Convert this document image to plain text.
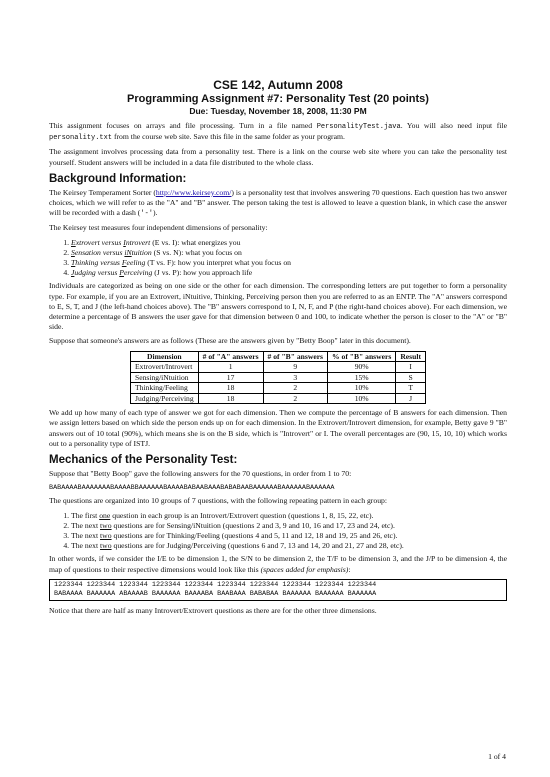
CSE 142, Autumn 2008
Programming Assignment #7: Personality Test (20 points)
Due: Tuesday, November 18, 2008, 11:30 PM

This assignment focuses on arrays and file processing. Turn in a file named PersonalityTest.java. You will also need input file personality.txt from the course web site. Save this file in the same folder as your program.

The assignment involves processing data from a personality test. There is a link on the course web site where you can take the personality test yourself. Student answers will be included in a data file distributed to the whole class.

Background Information:

The Keirsey Temperament Sorter (http://www.keirsey.com/) is a personality test that involves answering 70 questions. Each question has two answer choices, which we will refer to as the "A" and "B" answer. The person taking the test is allowed to leave a question blank, in which case the answer will be recorded with a dash ('-').

The Keirsey test measures four independent dimensions of personality:

1. Extrovert versus Introvert (E vs. I): what energizes you
2. Sensation versus iNtuition (S vs. N): what you focus on
3. Thinking versus Feeling (T vs. F): how you interpret what you focus on
4. Judging versus Perceiving (J vs. P): how you approach life

Individuals are categorized as being on one side or the other for each dimension. The corresponding letters are put together to form a personality type. For example, if you are an Extrovert, iNtuitive, Thinking, Perceiving person then you are referred to as an ENTP. The "A" answers correspond to E, S, T, and J (the left-hand choices above). The "B" answers correspond to I, N, F, and P (the right-hand choices above). For each dimension, we determine a percentage of B answers the user gave for that dimension between 0 and 100, to indicate whether the person is closer to the "A" or "B" side.

Suppose that someone's answers are as follows (These are the answers given by "Betty Boop" later in this document).

Dimension	# of "A" answers	# of "B" answers	% of "B" answers	Result
Extrovert/Introvert	1	9	90%	I
Sensing/iNtuition	17	3	15%	S
Thinking/Feeling	18	2	10%	T
Judging/Perceiving	18	2	10%	J

We add up how many of each type of answer we got for each dimension. Then we compute the percentage of B answers for each dimension. Then we assign letters based on which side the person ends up on for each dimension. In the Extrovert/Introvert dimension, for example, Betty gave 9 "B" answers out of 10 total (90%), which means she is on the B side, which is "Introvert" or I. The overall percentages are (90, 15, 10, 10) which works out to a personality type of ISTJ.

Mechanics of the Personality Test:

Suppose that "Betty Boop" gave the following answers for the 70 questions, in order from 1 to 70:

BABAAAABAAAAAAABAAAABBAAAAAABAAAABABAABAAABABABAABAAAAAABAAAAAABAAAAAA

The questions are organized into 10 groups of 7 questions, with the following repeating pattern in each group:

1. The first one question in each group is an Introvert/Extrovert question (questions 1, 8, 15, 22, etc).
2. The next two questions are for Sensing/iNtuition (questions 2 and 3, 9 and 10, 16 and 17, 23 and 24, etc).
3. The next two questions are for Thinking/Feeling (questions 4 and 5, 11 and 12, 18 and 19, 25 and 26, etc).
4. The next two questions are for Judging/Perceiving (questions 6 and 7, 13 and 14, 20 and 21, 27 and 28, etc).

In other words, if we consider the I/E to be dimension 1, the S/N to be dimension 2, the T/F to be dimension 3, and the J/P to be dimension 4, the map of questions to their respective dimensions would look like this (spaces added for emphasis):

1223344 1223344 1223344 1223344 1223344 1223344 1223344 1223344 1223344 1223344
BABAAAA BAAAAAA ABAAAAB BAAAAAA BAAAABA BAABAAA BABABAA BAAAAAA BAAAAAA BAAAAAA

Notice that there are half as many Introvert/Extrovert questions as there are for the other three dimensions.

1 of 4
